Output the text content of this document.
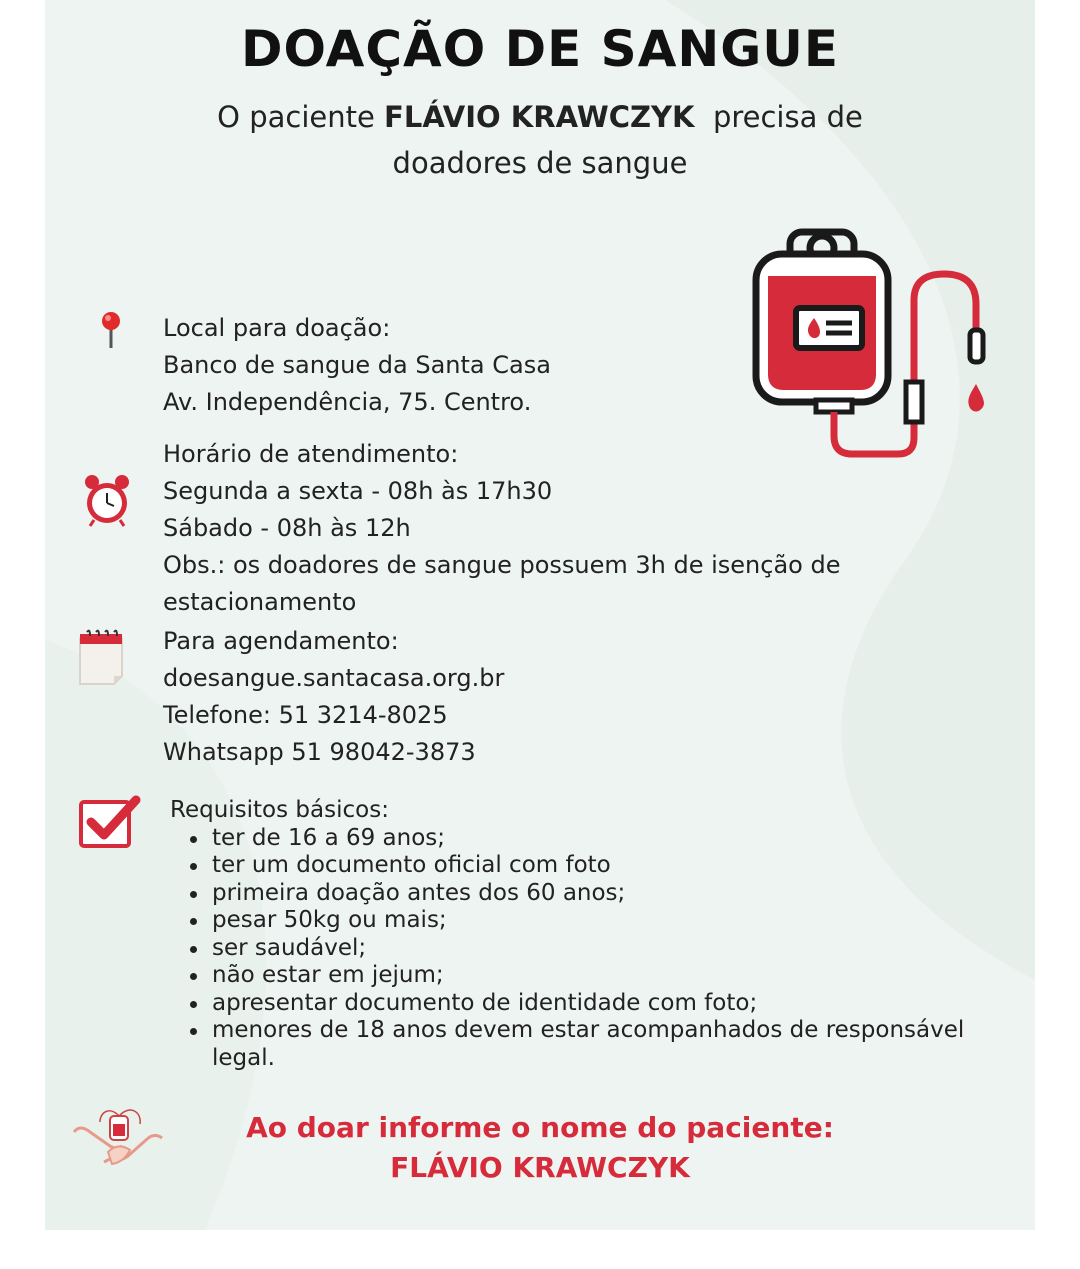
DOAÇÃO DE SANGUE
O paciente FLÁVIO KRAWCZYK  precisa de
doadores de sangue
Local para doação:
Banco de sangue da Santa Casa
Av. Independência, 75. Centro.
Horário de atendimento:
Segunda a sexta - 08h às 17h30
Sábado - 08h às 12h
Obs.: os doadores de sangue possuem 3h de isenção de
estacionamento
Para agendamento:
doesangue.santacasa.org.br
Telefone: 51 3214-8025
Whatsapp 51 98042-3873
Requisitos básicos:
ter de 16 a 69 anos;
ter um documento oficial com foto
primeira doação antes dos 60 anos;
pesar 50kg ou mais;
ser saudável;
não estar em jejum;
apresentar documento de identidade com foto;
menores de 18 anos devem estar acompanhados de responsável legal.
Ao doar informe o nome do paciente:
FLÁVIO KRAWCZYK
